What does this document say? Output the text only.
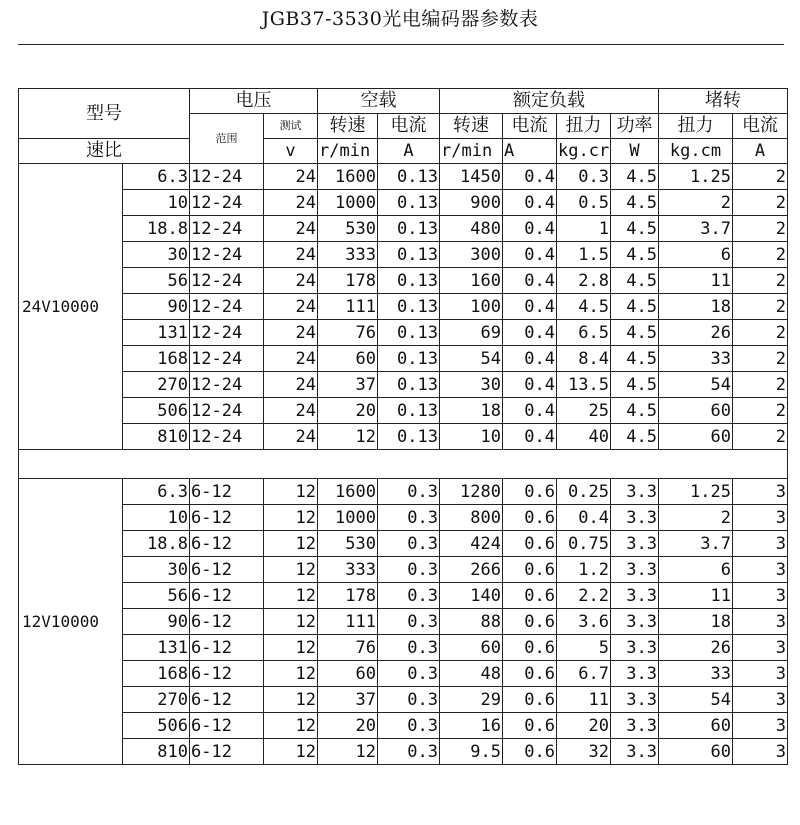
JGB37-3530光电编码器参数表
型号		电压		空载		额定负载				堵转	
		范围	测试	转速	电流	转速	电流	扭力	功率	扭力	电流
速比			v	r/min	A	r/min	A	kg.cr	W	kg.cm	A
24V10000	6.3	12-24	24	1600	0.13	1450	0.4	0.3	4.5	1.25	2
	10	12-24	24	1000	0.13	900	0.4	0.5	4.5	2	2
	18.8	12-24	24	530	0.13	480	0.4	1	4.5	3.7	2
	30	12-24	24	333	0.13	300	0.4	1.5	4.5	6	2
	56	12-24	24	178	0.13	160	0.4	2.8	4.5	11	2
	90	12-24	24	111	0.13	100	0.4	4.5	4.5	18	2
	131	12-24	24	76	0.13	69	0.4	6.5	4.5	26	2
	168	12-24	24	60	0.13	54	0.4	8.4	4.5	33	2
	270	12-24	24	37	0.13	30	0.4	13.5	4.5	54	2
	506	12-24	24	20	0.13	18	0.4	25	4.5	60	2
	810	12-24	24	12	0.13	10	0.4	40	4.5	60	2

12V10000	6.3	6-12	12	1600	0.3	1280	0.6	0.25	3.3	1.25	3
	10	6-12	12	1000	0.3	800	0.6	0.4	3.3	2	3
	18.8	6-12	12	530	0.3	424	0.6	0.75	3.3	3.7	3
	30	6-12	12	333	0.3	266	0.6	1.2	3.3	6	3
	56	6-12	12	178	0.3	140	0.6	2.2	3.3	11	3
	90	6-12	12	111	0.3	88	0.6	3.6	3.3	18	3
	131	6-12	12	76	0.3	60	0.6	5	3.3	26	3
	168	6-12	12	60	0.3	48	0.6	6.7	3.3	33	3
	270	6-12	12	37	0.3	29	0.6	11	3.3	54	3
	506	6-12	12	20	0.3	16	0.6	20	3.3	60	3
	810	6-12	12	12	0.3	9.5	0.6	32	3.3	60	3
